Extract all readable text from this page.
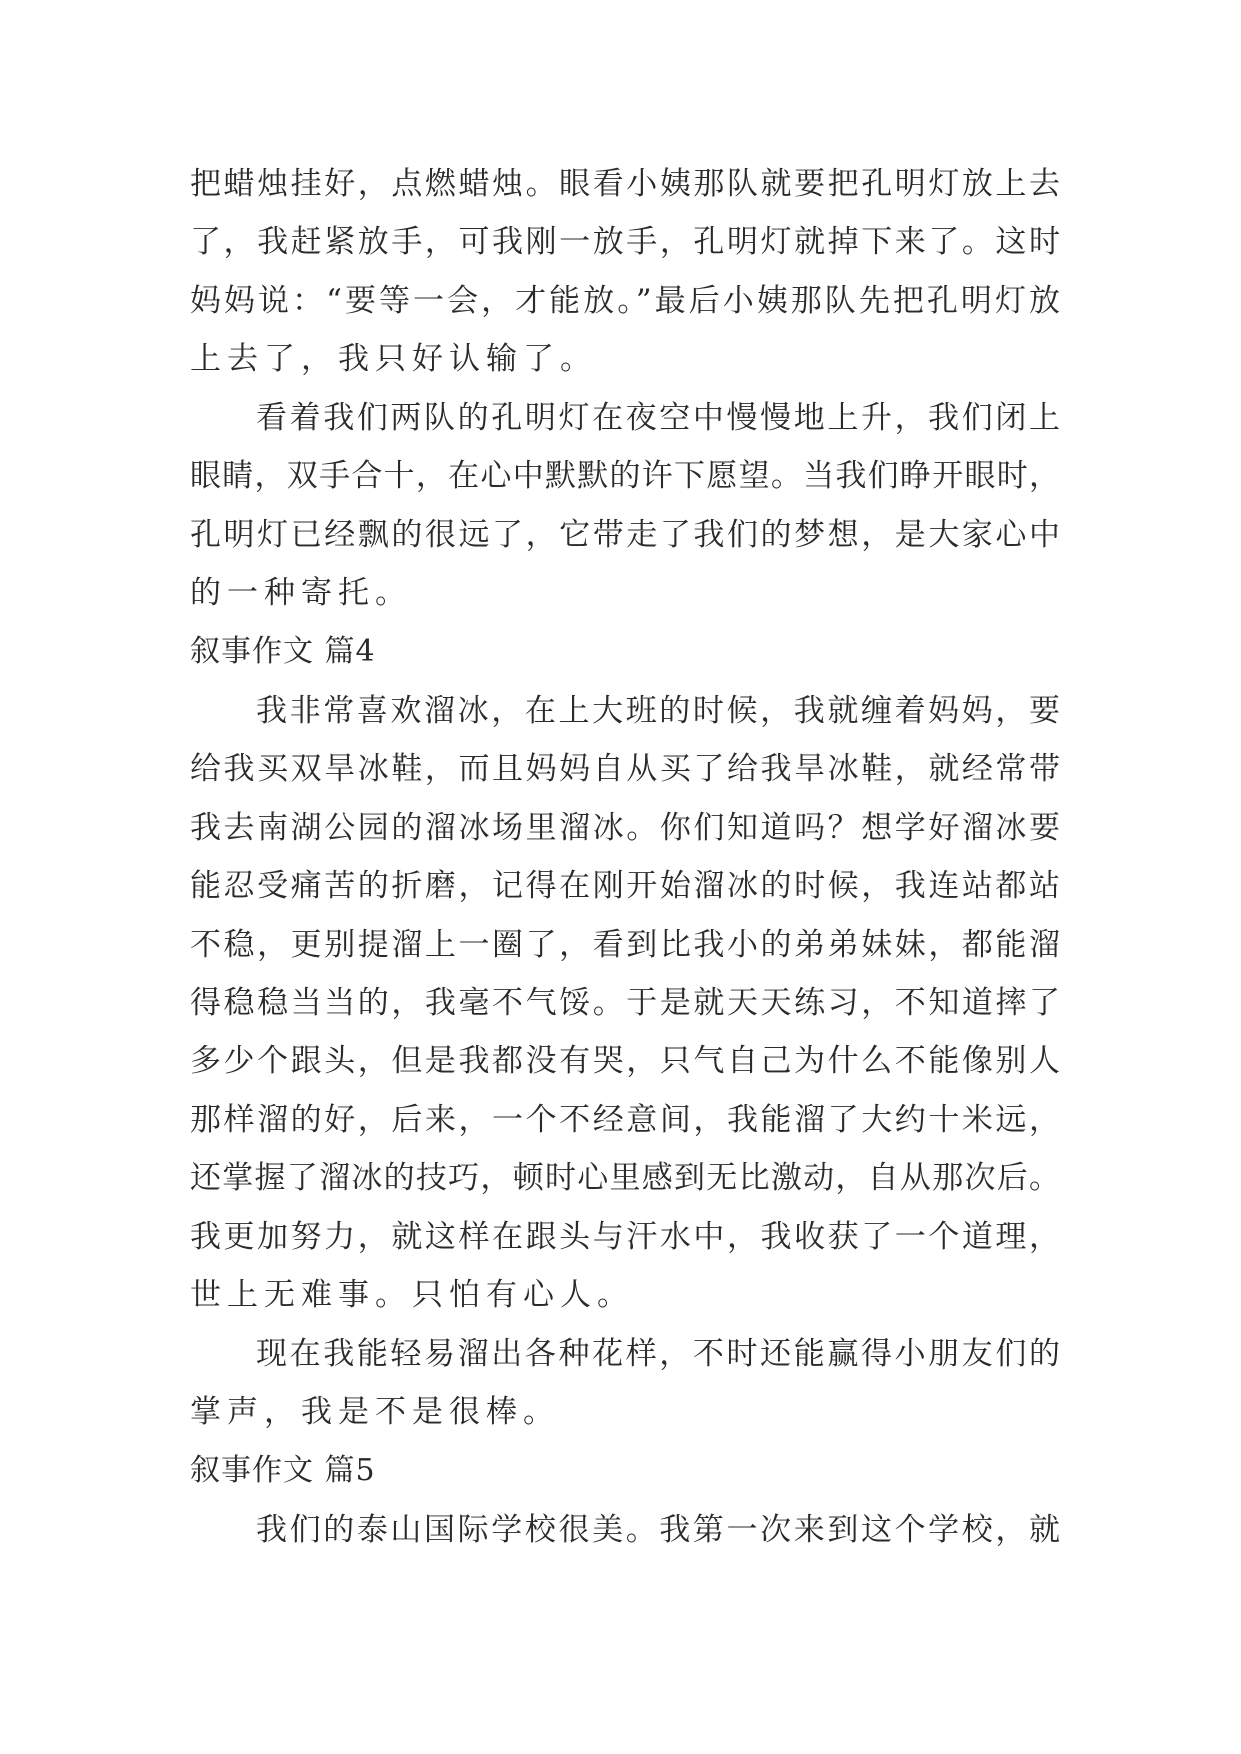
把蜡烛挂好，点燃蜡烛。眼看小姨那队就要把孔明灯放上去
了，我赶紧放手，可我刚一放手，孔明灯就掉下来了。这时
妈妈说：“要等一会，才能放。”最后小姨那队先把孔明灯放
上去了，我只好认输了。
看着我们两队的孔明灯在夜空中慢慢地上升，我们闭上
眼睛，双手合十，在心中默默的许下愿望。当我们睁开眼时，
孔明灯已经飘的很远了，它带走了我们的梦想，是大家心中
的一种寄托。
叙事作文 篇4
我非常喜欢溜冰，在上大班的时候，我就缠着妈妈，要
给我买双旱冰鞋，而且妈妈自从买了给我旱冰鞋，就经常带
我去南湖公园的溜冰场里溜冰。你们知道吗？想学好溜冰要
能忍受痛苦的折磨，记得在刚开始溜冰的时候，我连站都站
不稳，更别提溜上一圈了，看到比我小的弟弟妹妹，都能溜
得稳稳当当的，我毫不气馁。于是就天天练习，不知道摔了
多少个跟头，但是我都没有哭，只气自己为什么不能像别人
那样溜的好，后来，一个不经意间，我能溜了大约十米远，
还掌握了溜冰的技巧，顿时心里感到无比激动，自从那次后。
我更加努力，就这样在跟头与汗水中，我收获了一个道理，
世上无难事。只怕有心人。
现在我能轻易溜出各种花样，不时还能赢得小朋友们的
掌声，我是不是很棒。
叙事作文 篇5
我们的泰山国际学校很美。我第一次来到这个学校，就
